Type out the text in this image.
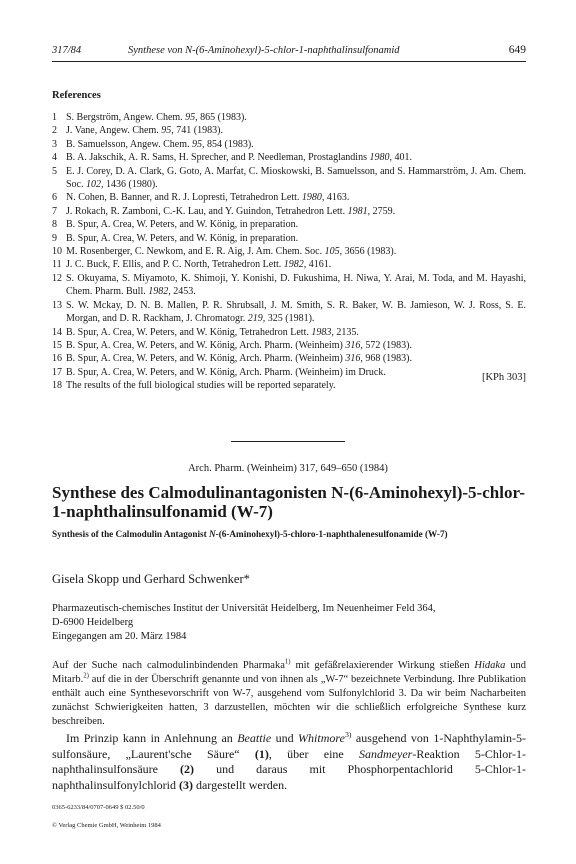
317/84	Synthese von N-(6-Aminohexyl)-5-chlor-1-naphthalinsulfonamid	649
References
1 S. Bergström, Angew. Chem. 95, 865 (1983).
2 J. Vane, Angew. Chem. 95, 741 (1983).
3 B. Samuelsson, Angew. Chem. 95, 854 (1983).
4 B. A. Jakschik, A. R. Sams, H. Sprecher, and P. Needleman, Prostaglandins 1980, 401.
5 E. J. Corey, D. A. Clark, G. Goto, A. Marfat, C. Mioskowski, B. Samuelsson, and S. Hammarström, J. Am. Chem. Soc. 102, 1436 (1980).
6 N. Cohen, B. Banner, and R. J. Lopresti, Tetrahedron Lett. 1980, 4163.
7 J. Rokach, R. Zamboni, C.-K. Lau, and Y. Guindon, Tetrahedron Lett. 1981, 2759.
8 B. Spur, A. Crea, W. Peters, and W. König, in preparation.
9 B. Spur, A. Crea, W. Peters, and W. König, in preparation.
10 M. Rosenberger, C. Newkom, and E. R. Aig, J. Am. Chem. Soc. 105, 3656 (1983).
11 J. C. Buck, F. Ellis, and P. C. North, Tetrahedron Lett. 1982, 4161.
12 S. Okuyama, S. Miyamoto, K. Shimoji, Y. Konishi, D. Fukushima, H. Niwa, Y. Arai, M. Toda, and M. Hayashi, Chem. Pharm. Bull. 1982, 2453.
13 S. W. Mckay, D. N. B. Mallen, P. R. Shrubsall, J. M. Smith, S. R. Baker, W. B. Jamieson, W. J. Ross, S. E. Morgan, and D. R. Rackham, J. Chromatogr. 219, 325 (1981).
14 B. Spur, A. Crea, W. Peters, and W. König, Tetrahedron Lett. 1983, 2135.
15 B. Spur, A. Crea, W. Peters, and W. König, Arch. Pharm. (Weinheim) 316, 572 (1983).
16 B. Spur, A. Crea, W. Peters, and W. König, Arch. Pharm. (Weinheim) 316, 968 (1983).
17 B. Spur, A. Crea, W. Peters, and W. König, Arch. Pharm. (Weinheim) im Druck.
18 The results of the full biological studies will be reported separately.
[KPh 303]
Arch. Pharm. (Weinheim) 317, 649–650 (1984)
Synthese des Calmodulinantagonisten N-(6-Aminohexyl)-5-chlor-1-naphthalinsulfonamid (W-7)
Synthesis of the Calmodulin Antagonist N-(6-Aminohexyl)-5-chloro-1-naphthalenesulfonamide (W-7)
Gisela Skopp und Gerhard Schwenker*
Pharmazeutisch-chemisches Institut der Universität Heidelberg, Im Neuenheimer Feld 364,
D-6900 Heidelberg
Eingegangen am 20. März 1984
Auf der Suche nach calmodulinbindenden Pharmaka$^{1)}$ mit gefäßrelaxierender Wirkung stießen Hidaka und Mitarb.$^{2)}$ auf die in der Überschrift genannte und von ihnen als „W-7“ bezeichnete Verbindung. Ihre Publikation enthält auch eine Synthesevorschrift von W-7, ausgehend vom Sulfonylchlorid 3. Da wir beim Nacharbeiten zunächst Schwierigkeiten hatten, 3 darzustellen, möchten wir die schließlich erfolgreiche Synthese kurz beschreiben.
Im Prinzip kann in Anlehnung an Beattie und Whitmore$^{3)}$ ausgehend von 1-Naphthylamin-5-sulfonsäure, „Laurent'sche Säure“ (1), über eine Sandmeyer-Reaktion 5-Chlor-1-naphthalinsulfonsäure (2) und daraus mit Phosphorpentachlorid 5-Chlor-1-naphthalinsulfonylchlorid (3) dargestellt werden.
0365-6233/84/0707-0649 $ 02.50/0
© Verlag Chemie GmbH, Weinheim 1984
